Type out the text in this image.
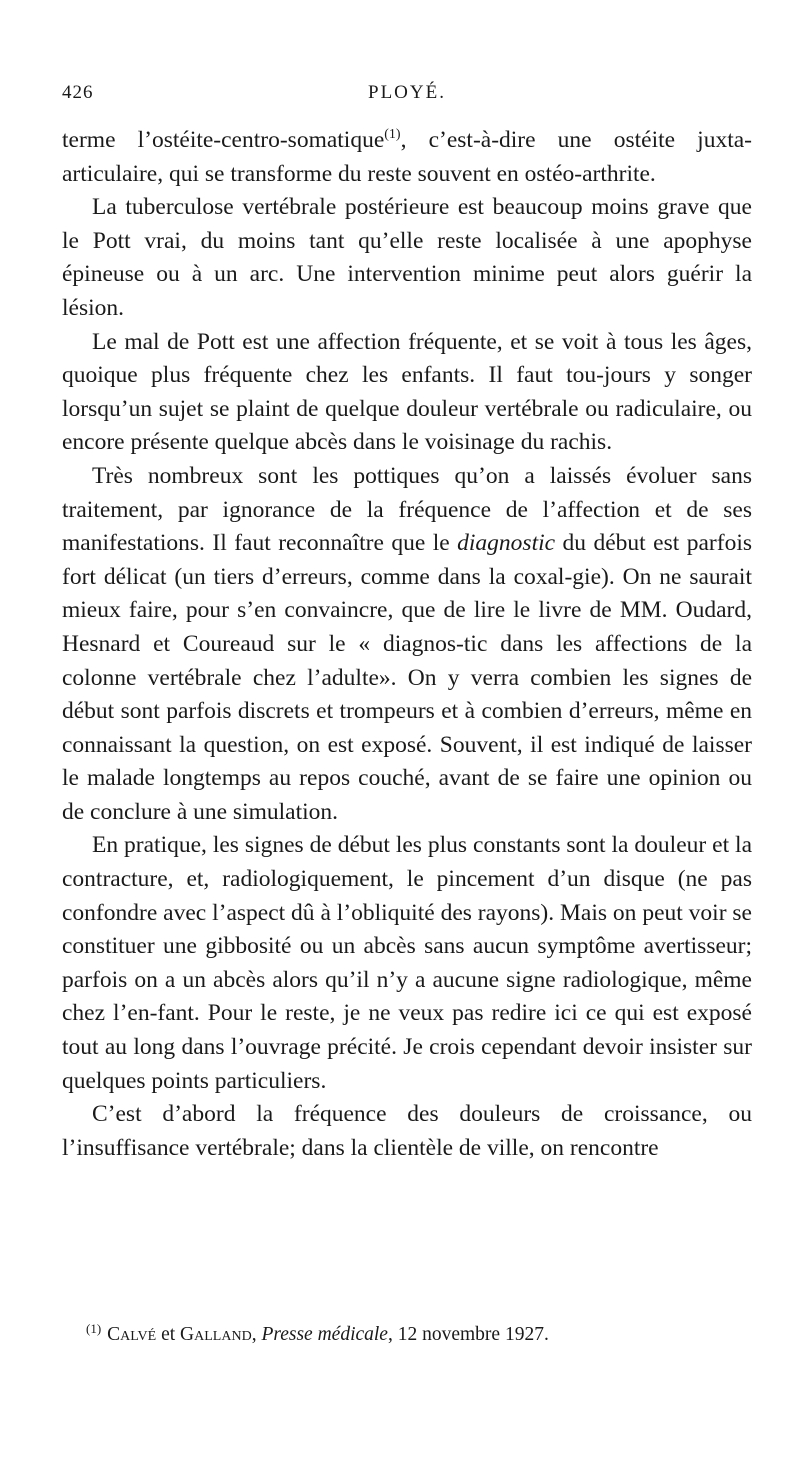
426	PLOYÉ.

terme l’ostéite-centro-somatique$^{(1)}$, c’est-à-dire une ostéite juxta-articulaire, qui se transforme du reste souvent en ostéo-arthrite.

La tuberculose vertébrale postérieure est beaucoup moins grave que le Pott vrai, du moins tant qu’elle reste localisée à une apophyse épineuse ou à un arc. Une intervention minime peut alors guérir la lésion.

Le mal de Pott est une affection fréquente, et se voit à tous les âges, quoique plus fréquente chez les enfants. Il faut tou-jours y songer lorsqu’un sujet se plaint de quelque douleur vertébrale ou radiculaire, ou encore présente quelque abcès dans le voisinage du rachis.

Très nombreux sont les pottiques qu’on a laissés évoluer sans traitement, par ignorance de la fréquence de l’affection et de ses manifestations. Il faut reconnaître que le diagnostic du début est parfois fort délicat (un tiers d’erreurs, comme dans la coxal-gie). On ne saurait mieux faire, pour s’en convaincre, que de lire le livre de MM. Oudard, Hesnard et Coureaud sur le « diagnos-tic dans les affections de la colonne vertébrale chez l’adulte». On y verra combien les signes de début sont parfois discrets et trompeurs et à combien d’erreurs, même en connaissant la question, on est exposé. Souvent, il est indiqué de laisser le malade longtemps au repos couché, avant de se faire une opinion ou de conclure à une simulation.

En pratique, les signes de début les plus constants sont la douleur et la contracture, et, radiologiquement, le pincement d’un disque (ne pas confondre avec l’aspect dû à l’obliquité des rayons). Mais on peut voir se constituer une gibbosité ou un abcès sans aucun symptôme avertisseur; parfois on a un abcès alors qu’il n’y a aucune signe radiologique, même chez l’en-fant. Pour le reste, je ne veux pas redire ici ce qui est exposé tout au long dans l’ouvrage précité. Je crois cependant devoir insister sur quelques points particuliers.

C’est d’abord la fréquence des douleurs de croissance, ou l’insuffisance vertébrale; dans la clientèle de ville, on rencontre

$^{(1)}$ Calvé et Galland, Presse médicale, 12 novembre 1927.
